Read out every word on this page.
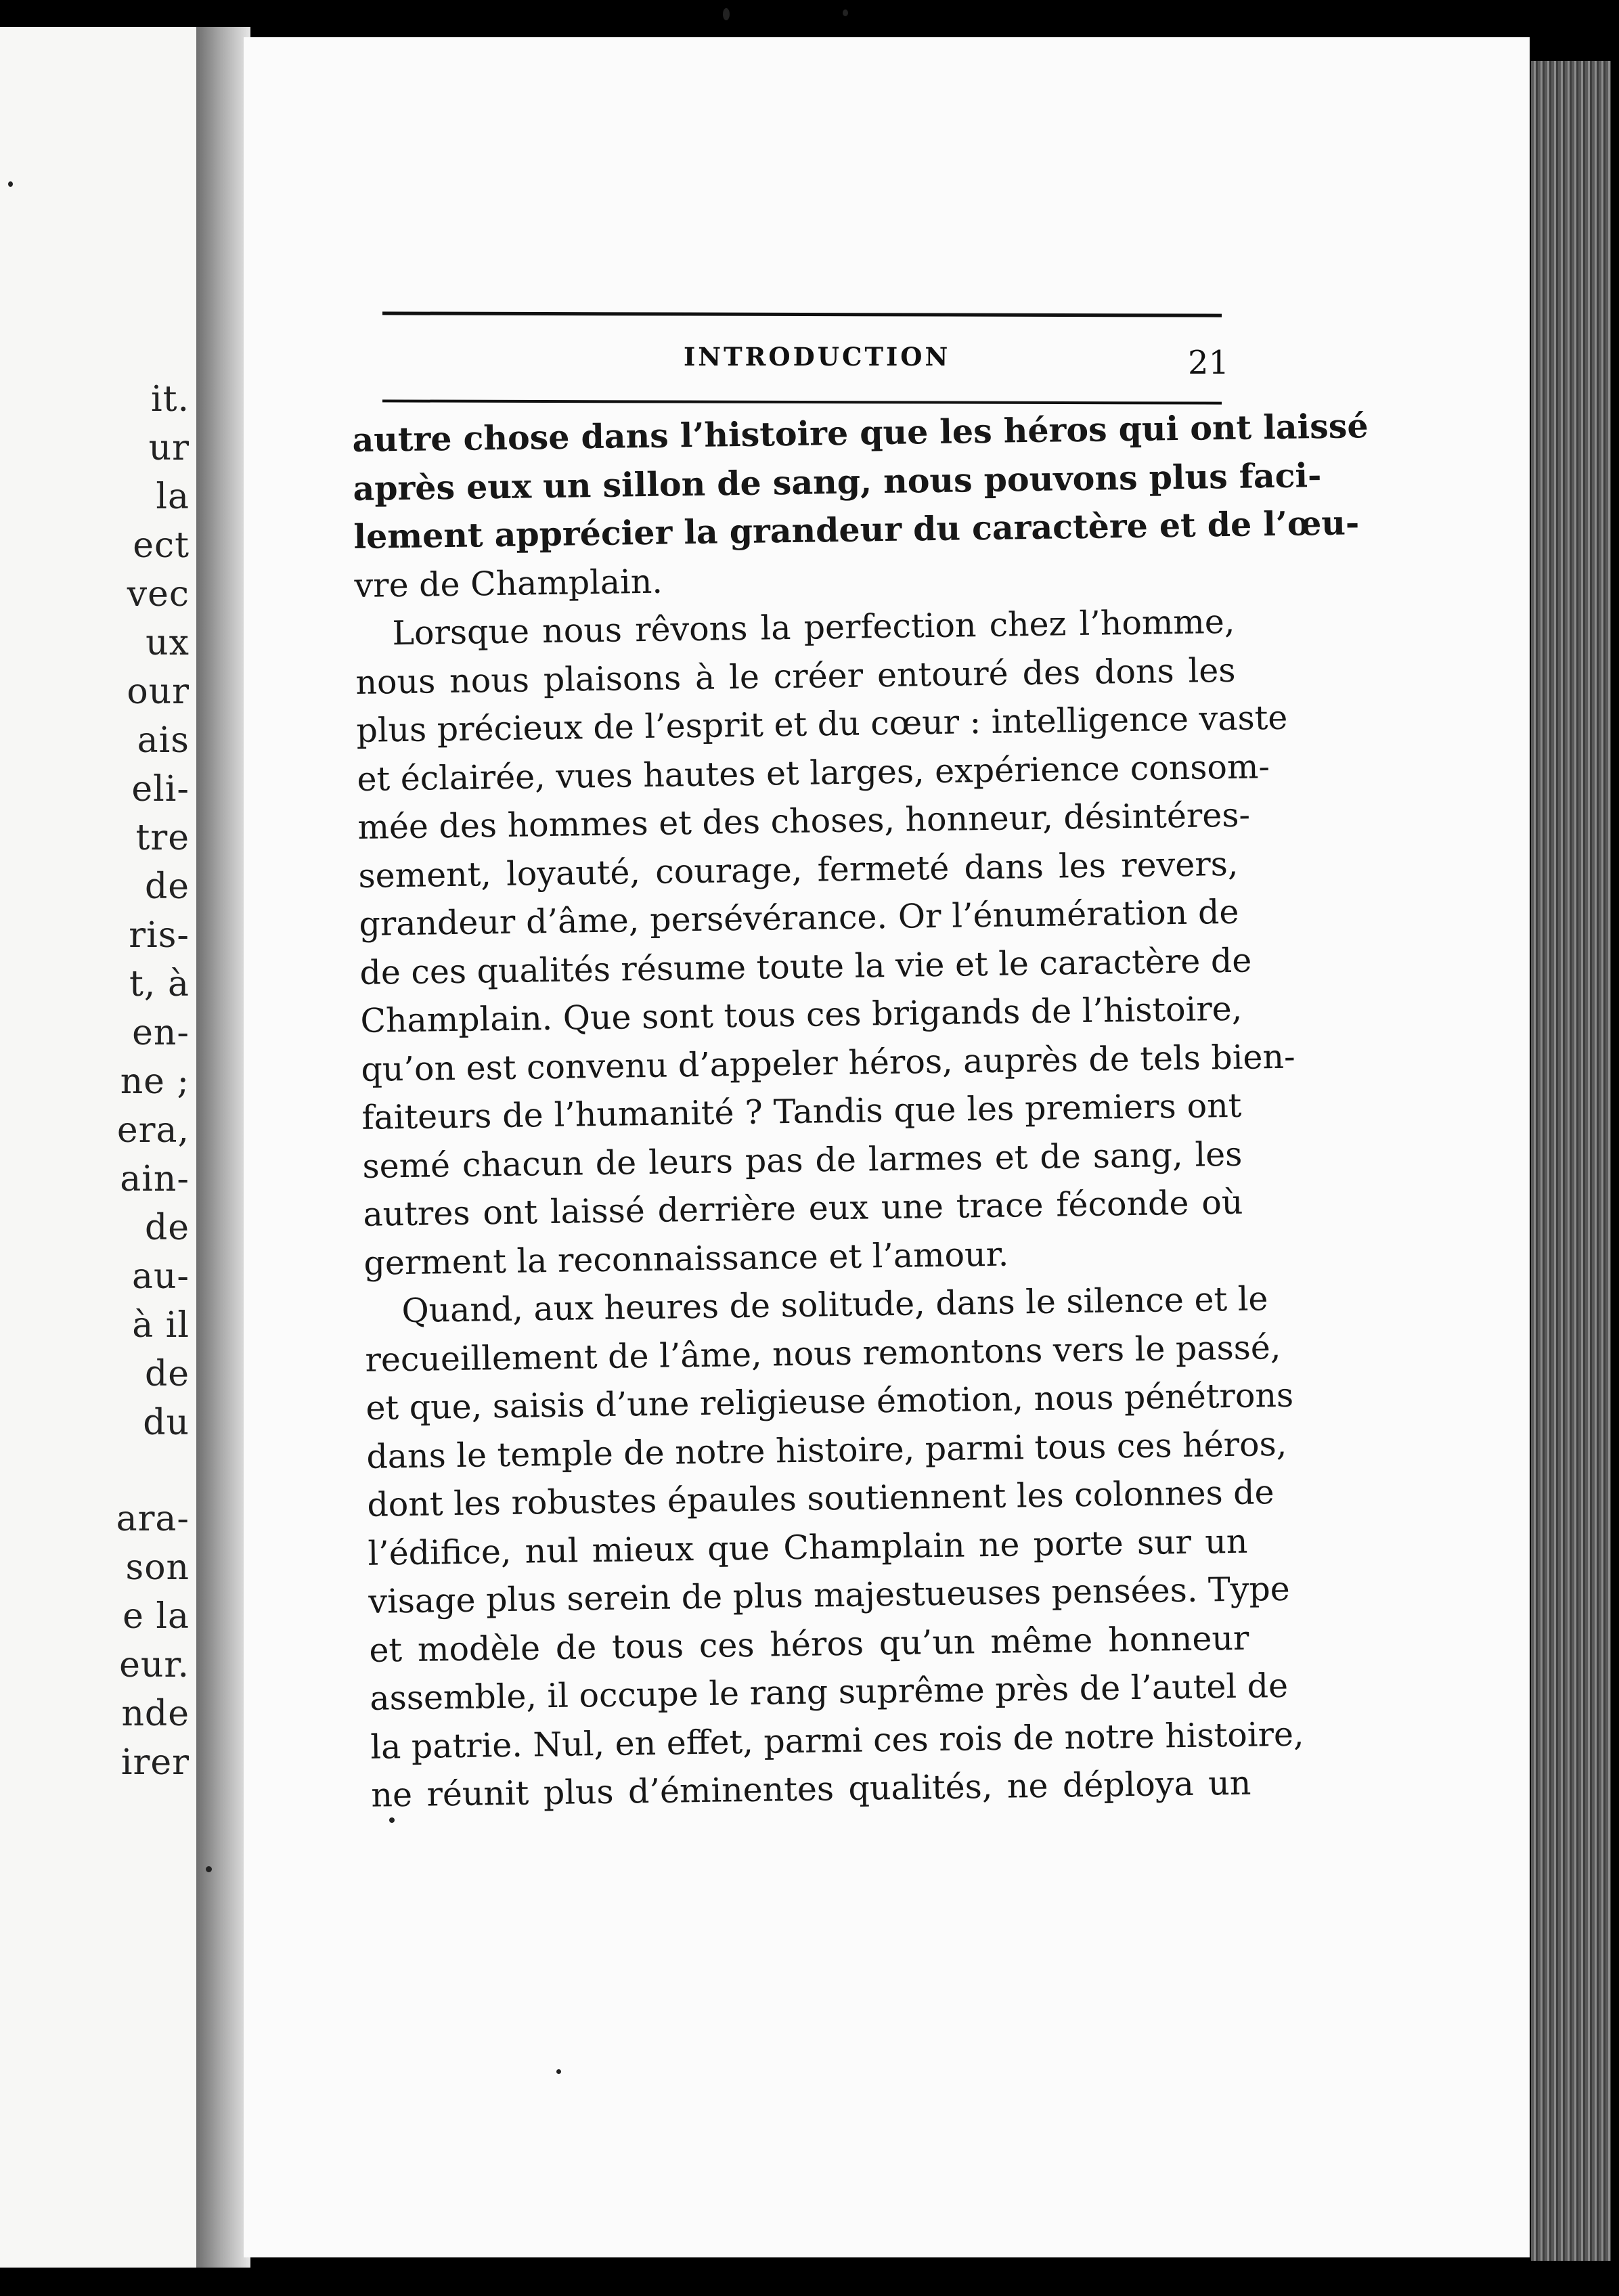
it.
ur
la
ect
vec
ux
our
ais
eli-
tre
de
ris-
t, à
en-
ne ;
era,
ain-
de
au-
à il
de
du
ara-
son
e la
eur.
nde
irer
INTRODUCTION	21
autre chose dans l’histoire que les héros qui ont laissé
après eux un sillon de sang, nous pouvons plus faci-
lement apprécier la grandeur du caractère et de l’œu-
vre de Champlain.
Lorsque nous rêvons la perfection chez l’homme,
nous nous plaisons à le créer entouré des dons les
plus précieux de l’esprit et du cœur : intelligence vaste
et éclairée, vues hautes et larges, expérience consom-
mée des hommes et des choses, honneur, désintéres-
sement, loyauté, courage, fermeté dans les revers,
grandeur d’âme, persévérance. Or l’énumération de
de ces qualités résume toute la vie et le caractère de
Champlain. Que sont tous ces brigands de l’histoire,
qu’on est convenu d’appeler héros, auprès de tels bien-
faiteurs de l’humanité ? Tandis que les premiers ont
semé chacun de leurs pas de larmes et de sang, les
autres ont laissé derrière eux une trace féconde où
germent la reconnaissance et l’amour.
Quand, aux heures de solitude, dans le silence et le
recueillement de l’âme, nous remontons vers le passé,
et que, saisis d’une religieuse émotion, nous pénétrons
dans le temple de notre histoire, parmi tous ces héros,
dont les robustes épaules soutiennent les colonnes de
l’édifice, nul mieux que Champlain ne porte sur un
visage plus serein de plus majestueuses pensées. Type
et modèle de tous ces héros qu’un même honneur
assemble, il occupe le rang suprême près de l’autel de
la patrie. Nul, en effet, parmi ces rois de notre histoire,
ne réunit plus d’éminentes qualités, ne déploya un
